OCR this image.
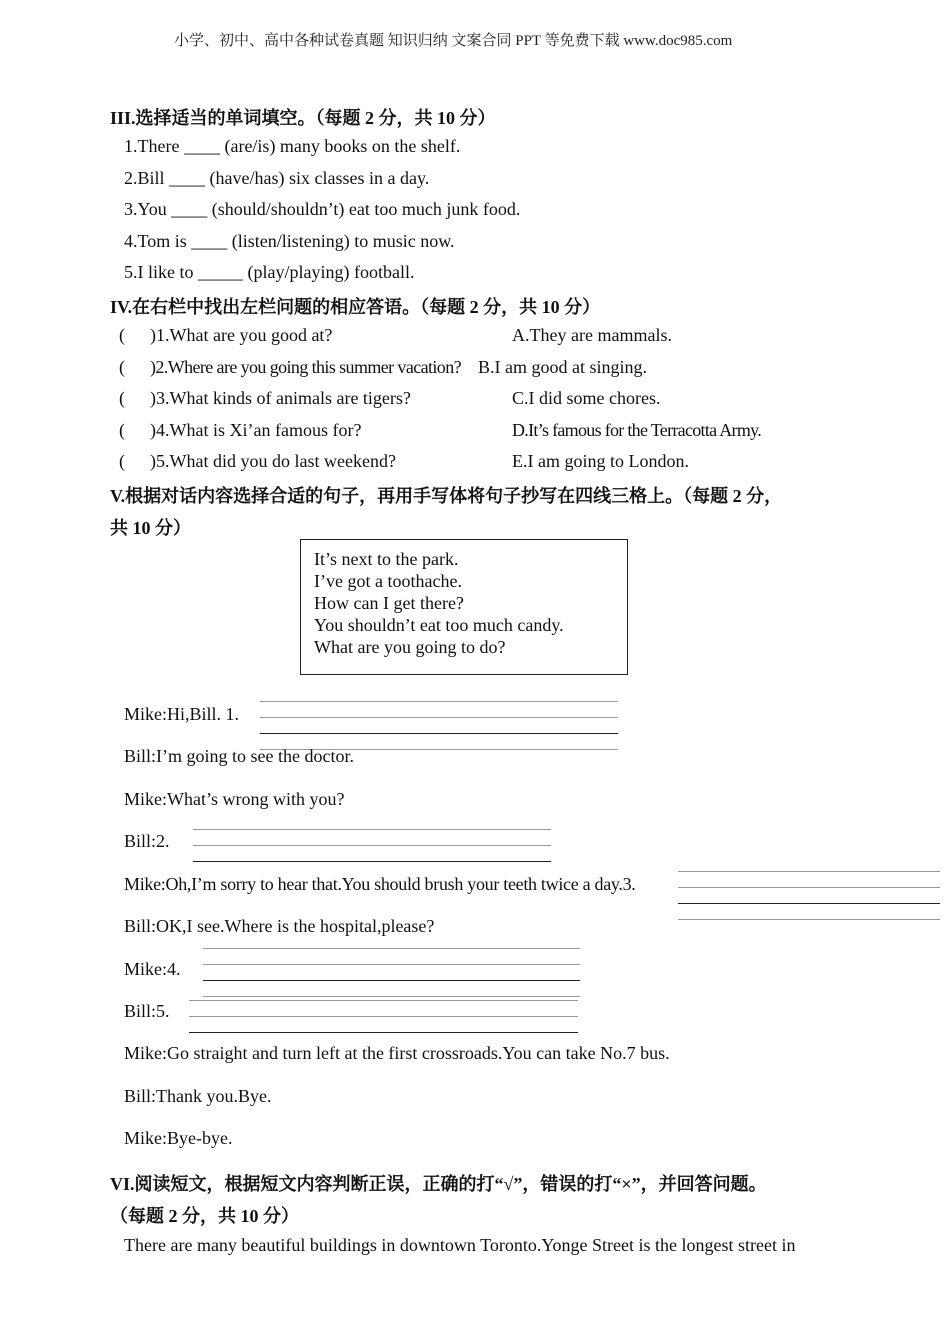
小学、初中、高中各种试卷真题 知识归纳 文案合同 PPT 等免费下载 www.doc985.com
III.选择适当的单词填空。（每题 2 分，共 10 分）
1.There ____ (are/is) many books on the shelf.
2.Bill ____ (have/has) six classes in a day.
3.You ____ (should/shouldn’t) eat too much junk food.
4.Tom is ____ (listen/listening) to music now.
5.I like to _____ (play/playing) football.
IV.在右栏中找出左栏问题的相应答语。（每题 2 分，共 10 分）
( )1.What are you good at?	A.They are mammals.
( )2.Where are you going this summer vacation? B.I am good at singing.
( )3.What kinds of animals are tigers?	C.I did some chores.
( )4.What is Xi’an famous for?	D.It’s famous for the Terracotta Army.
( )5.What did you do last weekend?	E.I am going to London.
V.根据对话内容选择合适的句子，再用手写体将句子抄写在四线三格上。（每题 2 分，
共 10 分）
It’s next to the park.
I’ve got a toothache.
How can I get there?
You shouldn’t eat too much candy.
What are you going to do?
Mike:Hi,Bill. 1.
Bill:I’m going to see the doctor.
Mike:What’s wrong with you?
Bill:2.
Mike:Oh,I’m sorry to hear that.You should brush your teeth twice a day.3.
Bill:OK,I see.Where is the hospital,please?
Mike:4.
Bill:5.
Mike:Go straight and turn left at the first crossroads.You can take No.7 bus.
Bill:Thank you.Bye.
Mike:Bye-bye.
VI.阅读短文，根据短文内容判断正误，正确的打“√”，错误的打“×”，并回答问题。
（每题 2 分，共 10 分）
There are many beautiful buildings in downtown Toronto.Yonge Street is the longest street in
